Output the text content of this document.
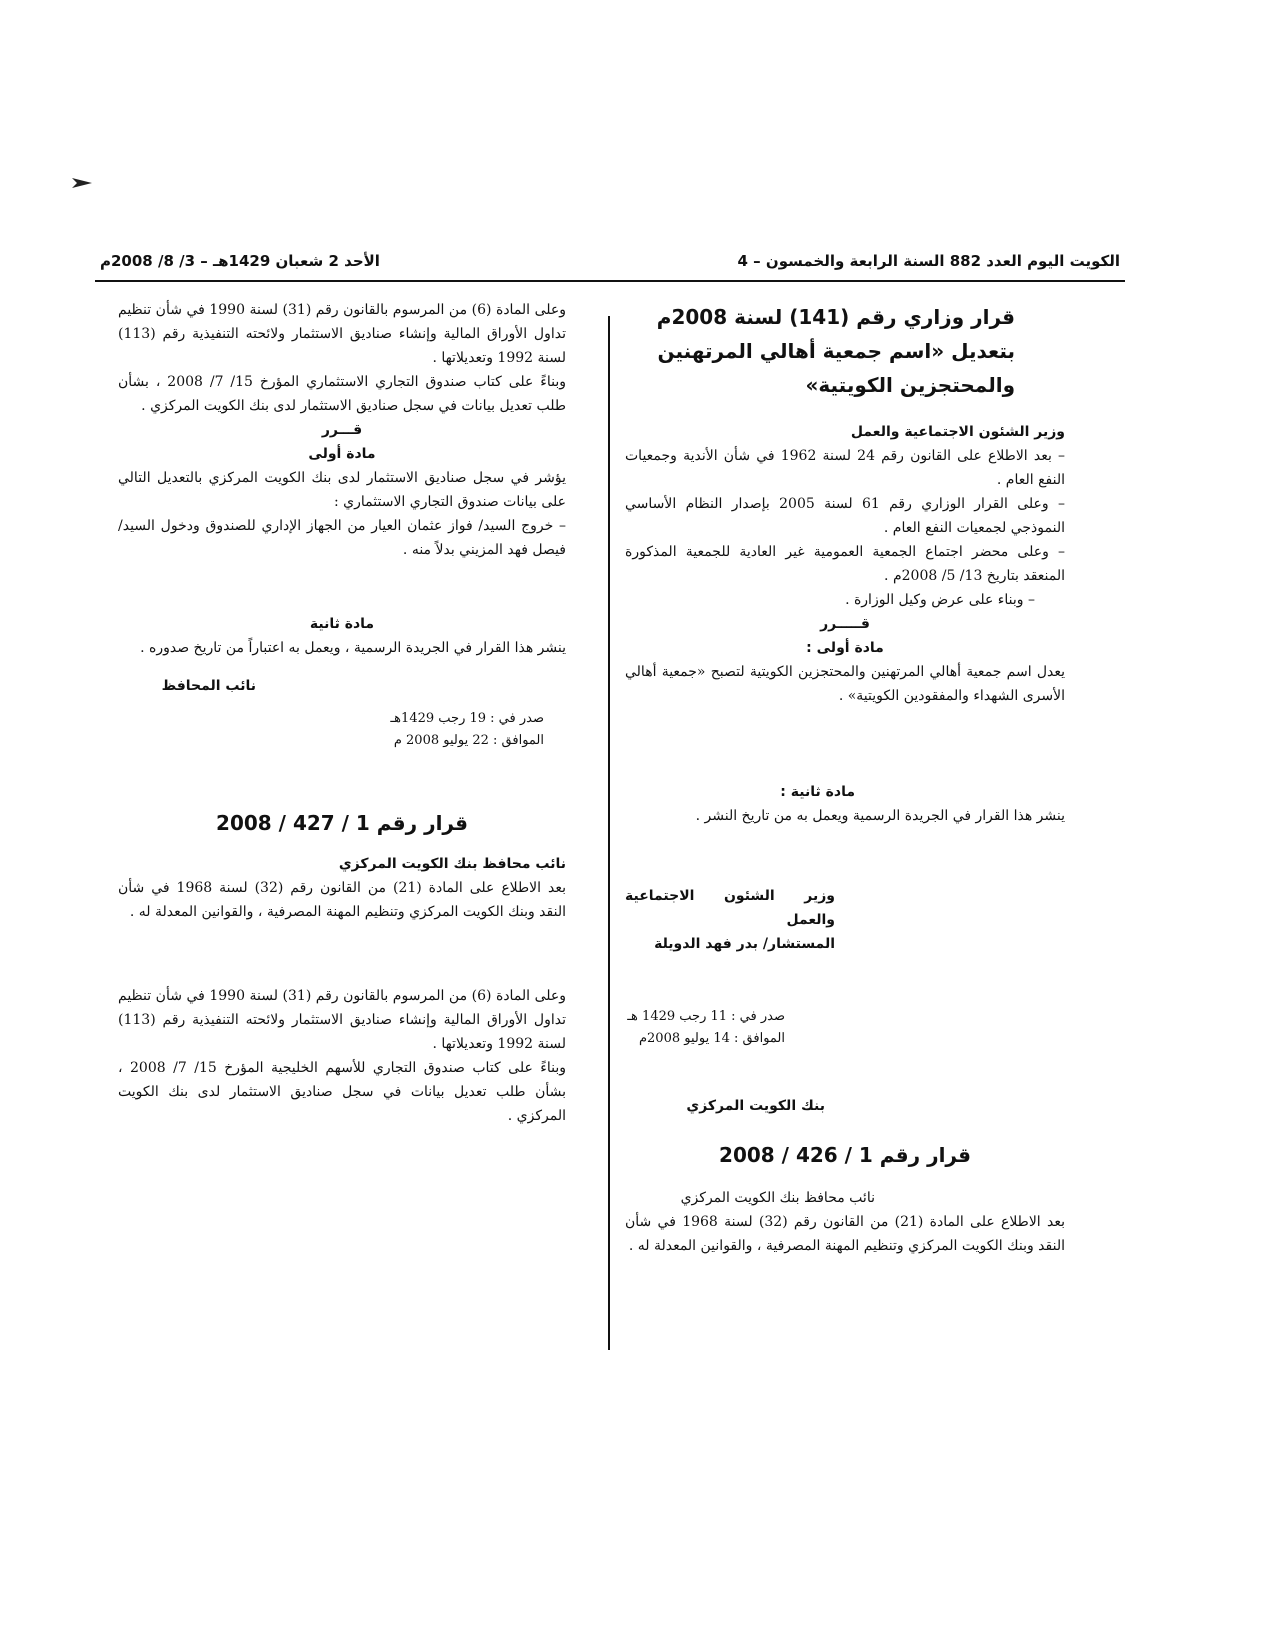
الكويت اليوم العدد 882 السنة الرابعة والخمسون – 4
الأحد 2 شعبان 1429هـ – 3/ 8/ 2008م
قرار وزاري رقم (141) لسنة 2008م
بتعديل «اسم جمعية أهالي المرتهنين
والمحتجزين الكويتية»

وزير الشئون الاجتماعية والعمل

– بعد الاطلاع على القانون رقم 24 لسنة 1962 في شأن الأندية وجمعيات النفع العام .

– وعلى القرار الوزاري رقم 61 لسنة 2005 بإصدار النظام الأساسي النموذجي لجمعيات النفع العام .

– وعلى محضر اجتماع الجمعية العمومية غير العادية للجمعية المذكورة المنعقد بتاريخ 13/ 5/ 2008م .

– وبناء على عرض وكيل الوزارة .

قـــــرر

مادة أولى :

يعدل اسم جمعية أهالي المرتهنين والمحتجزين الكويتية لتصبح «جمعية أهالي الأسرى الشهداء والمفقودين الكويتية» .

مادة ثانية :

ينشر هذا القرار في الجريدة الرسمية ويعمل به من تاريخ النشر .

وزير الشئون الاجتماعية والعمل
المستشار/ بدر فهد الدويلة
صدر في : 11 رجب 1429 هـ
الموافق : 14 يوليو 2008م

بنك الكويت المركزي

قرار رقم 1 / 426 / 2008

نائب محافظ بنك الكويت المركزي

بعد الاطلاع على المادة (21) من القانون رقم (32) لسنة 1968 في شأن النقد وبنك الكويت المركزي وتنظيم المهنة المصرفية ، والقوانين المعدلة له .

وعلى المادة (6) من المرسوم بالقانون رقم (31) لسنة 1990 في شأن تنظيم تداول الأوراق المالية وإنشاء صناديق الاستثمار ولائحته التنفيذية رقم (113) لسنة 1992 وتعديلاتها .

وبناءً على كتاب صندوق التجاري الاستثماري المؤرخ 15/ 7/ 2008 ، بشأن طلب تعديل بيانات في سجل صناديق الاستثمار لدى بنك الكويت المركزي .

قـــرر

مادة أولى

يؤشر في سجل صناديق الاستثمار لدى بنك الكويت المركزي بالتعديل التالي على بيانات صندوق التجاري الاستثماري :

– خروج السيد/ فواز عثمان العيار من الجهاز الإداري للصندوق ودخول السيد/ فيصل فهد المزيني بدلاً منه .

مادة ثانية

ينشر هذا القرار في الجريدة الرسمية ، ويعمل به اعتباراً من تاريخ صدوره .

نائب المحافظ

صدر في : 19 رجب 1429هـ
الموافق : 22 يوليو 2008 م
قرار رقم 1 / 427 / 2008

نائب محافظ بنك الكويت المركزي

بعد الاطلاع على المادة (21) من القانون رقم (32) لسنة 1968 في شأن النقد وبنك الكويت المركزي وتنظيم المهنة المصرفية ، والقوانين المعدلة له .

وعلى المادة (6) من المرسوم بالقانون رقم (31) لسنة 1990 في شأن تنظيم تداول الأوراق المالية وإنشاء صناديق الاستثمار ولائحته التنفيذية رقم (113) لسنة 1992 وتعديلاتها .

وبناءً على كتاب صندوق التجاري للأسهم الخليجية المؤرخ 15/ 7/ 2008 ، بشأن طلب تعديل بيانات في سجل صناديق الاستثمار لدى بنك الكويت المركزي .
